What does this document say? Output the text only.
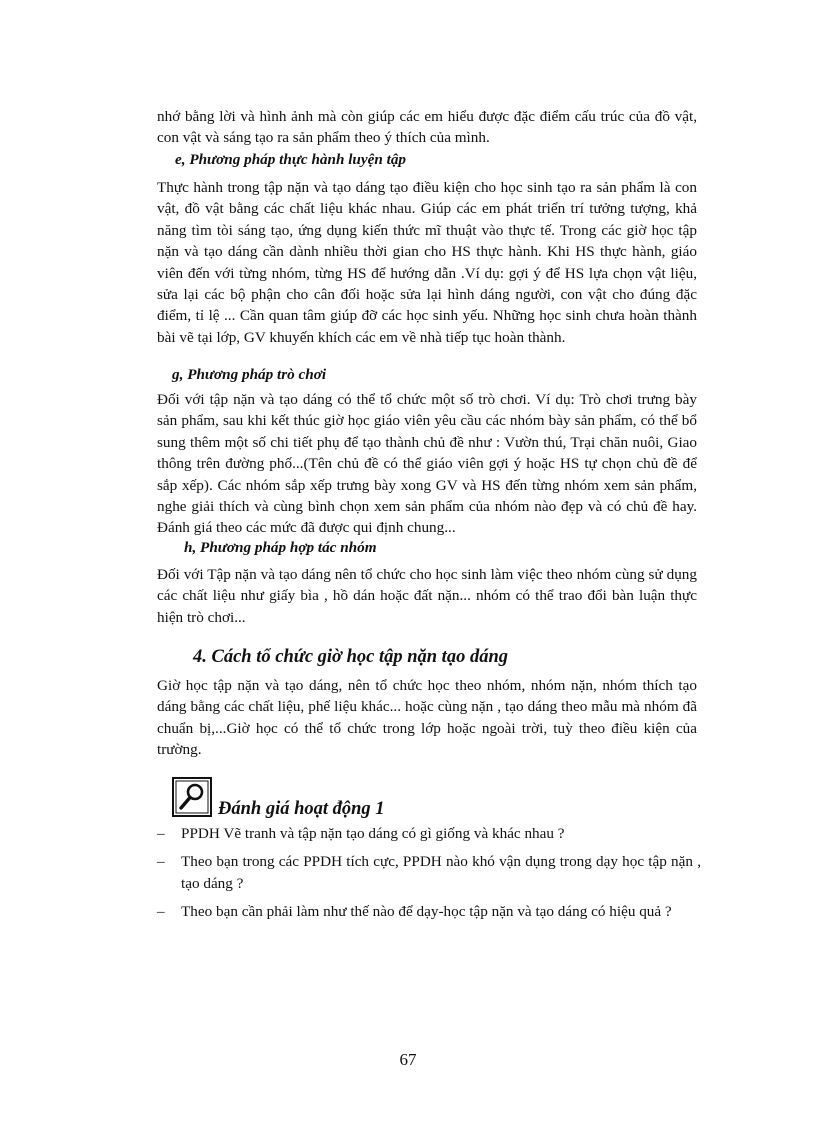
nhớ bằng lời và hình ảnh mà còn giúp các em hiểu được đặc điểm cấu trúc của đồ vật, con vật và sáng tạo ra sản phẩm theo ý thích của mình.

e, Phương pháp thực hành luyện tập

Thực hành trong tập nặn và tạo dáng tạo điều kiện cho học sinh tạo ra sản phẩm là con vật, đồ vật bằng các chất liệu khác nhau. Giúp các em phát triển trí tưởng tượng, khả năng tìm tòi sáng tạo, ứng dụng kiến thức mĩ thuật vào thực tế. Trong các giờ học tập nặn và tạo dáng cần dành nhiều thời gian cho HS thực hành. Khi HS thực hành, giáo viên đến với từng nhóm, từng HS để hướng dẫn .Ví dụ: gợi ý để HS lựa chọn vật liệu, sửa lại các bộ phận cho cân đối hoặc sửa lại hình dáng người, con vật cho đúng đặc điểm, tỉ lệ ... Cần quan tâm giúp đỡ các học sinh yếu. Những học sinh chưa hoàn thành bài vẽ tại lớp, GV khuyến khích các em về nhà tiếp tục hoàn thành.

g, Phương pháp trò chơi

Đối với tập nặn và tạo dáng có thể tổ chức một số trò chơi. Ví dụ: Trò chơi trưng bày sản phẩm, sau khi kết thúc giờ học giáo viên yêu cầu các nhóm bày sản phẩm, có thể bổ sung thêm một số chi tiết phụ để tạo thành chủ đề như : Vườn thú, Trại chăn nuôi, Giao thông trên đường phố...(Tên chủ đề có thể giáo viên gợi ý hoặc HS tự chọn chủ đề để sắp xếp). Các nhóm sắp xếp trưng bày xong GV và HS đến từng nhóm xem sản phẩm, nghe giải thích và cùng bình chọn xem sản phẩm của nhóm nào đẹp và có chủ đề hay. Đánh giá theo các mức đã được qui định chung...

h, Phương pháp hợp tác nhóm

Đối với Tập nặn và tạo dáng nên tổ chức cho học sinh làm việc theo nhóm cùng sử dụng các chất liệu như giấy bìa , hồ dán hoặc đất nặn... nhóm có thể trao đổi bàn luận thực hiện trò chơi...

4. Cách tổ chức giờ học tập nặn tạo dáng

Giờ học tập nặn và tạo dáng, nên tổ chức học theo nhóm, nhóm nặn, nhóm thích tạo dáng bằng các chất liệu, phế liệu khác... hoặc cùng nặn , tạo dáng theo mẫu mà nhóm đã chuẩn bị,...Giờ học có thể tổ chức trong lớp hoặc ngoài trời, tuỳ theo điều kiện của trường.

Đánh giá hoạt động 1
– PPDH Vẽ tranh và tập nặn tạo dáng có gì giống và khác nhau ?
– Theo bạn trong các PPDH tích cực, PPDH nào khó vận dụng trong dạy học tập nặn , tạo dáng ?
– Theo bạn cần phải làm như thế nào để dạy-học tập nặn và tạo dáng có hiệu quả ?
67
